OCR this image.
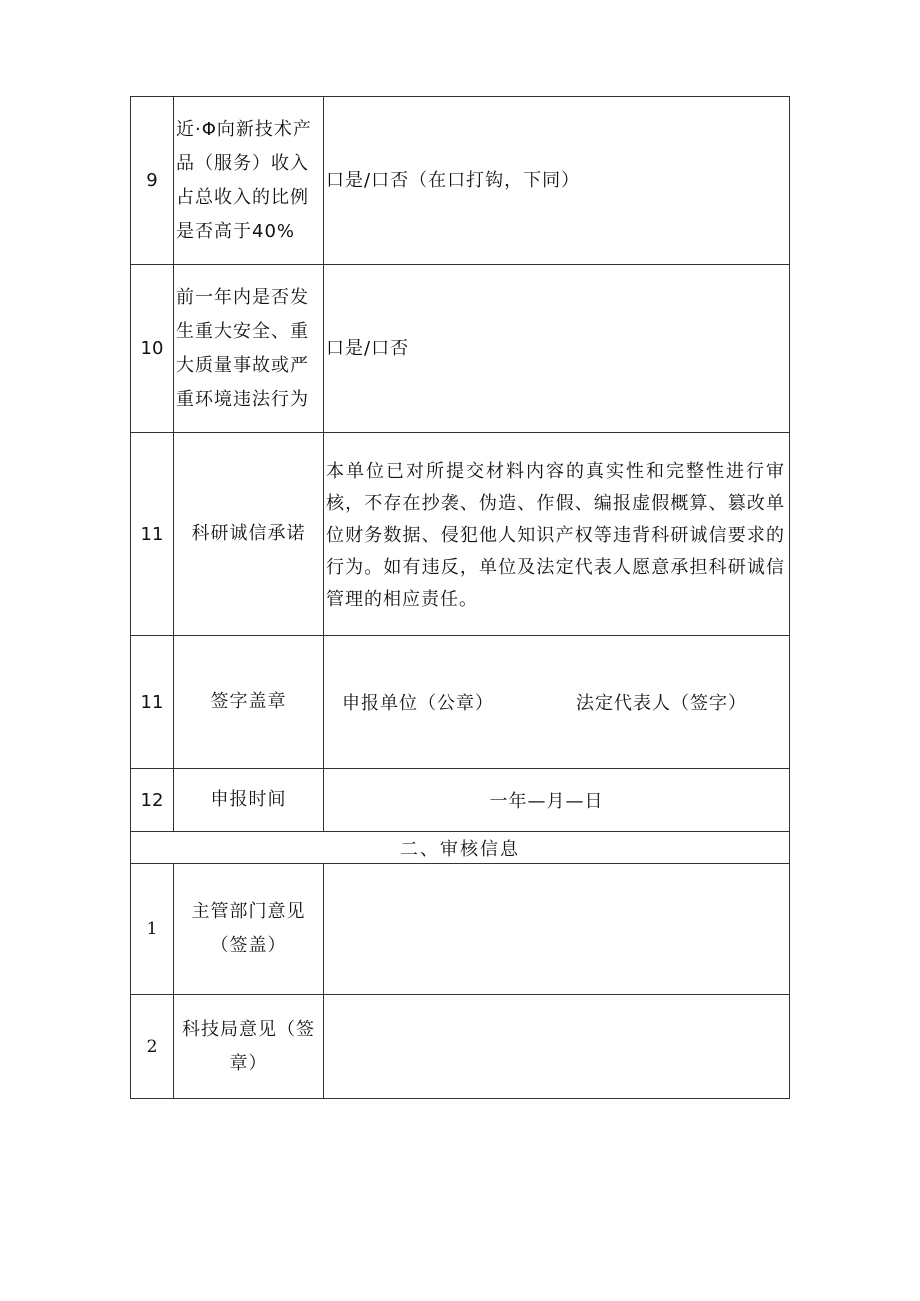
9	近·Φ向新技术产
品（服务）收入
占总收入的比例
是否高于40%	口是/口否（在口打钩，下同）

10	前一年内是否发
生重大安全、重
大质量事故或严
重环境违法行为	口是/口否

11	科研诚信承诺	本单位已对所提交材料内容的真实性和完整性进行审核，不存在抄袭、伪造、作假、编报虚假概算、篡改单位财务数据、侵犯他人知识产权等违背科研诚信要求的行为。如有违反，单位及法定代表人愿意承担科研诚信管理的相应责任。

11	签字盖章	申报单位（公章） 法定代表人（签字）

12	申报时间	一年—月—日

二、审核信息		
1	主管部门意见
（签盖）	

2	科技局意见（签
章）	
